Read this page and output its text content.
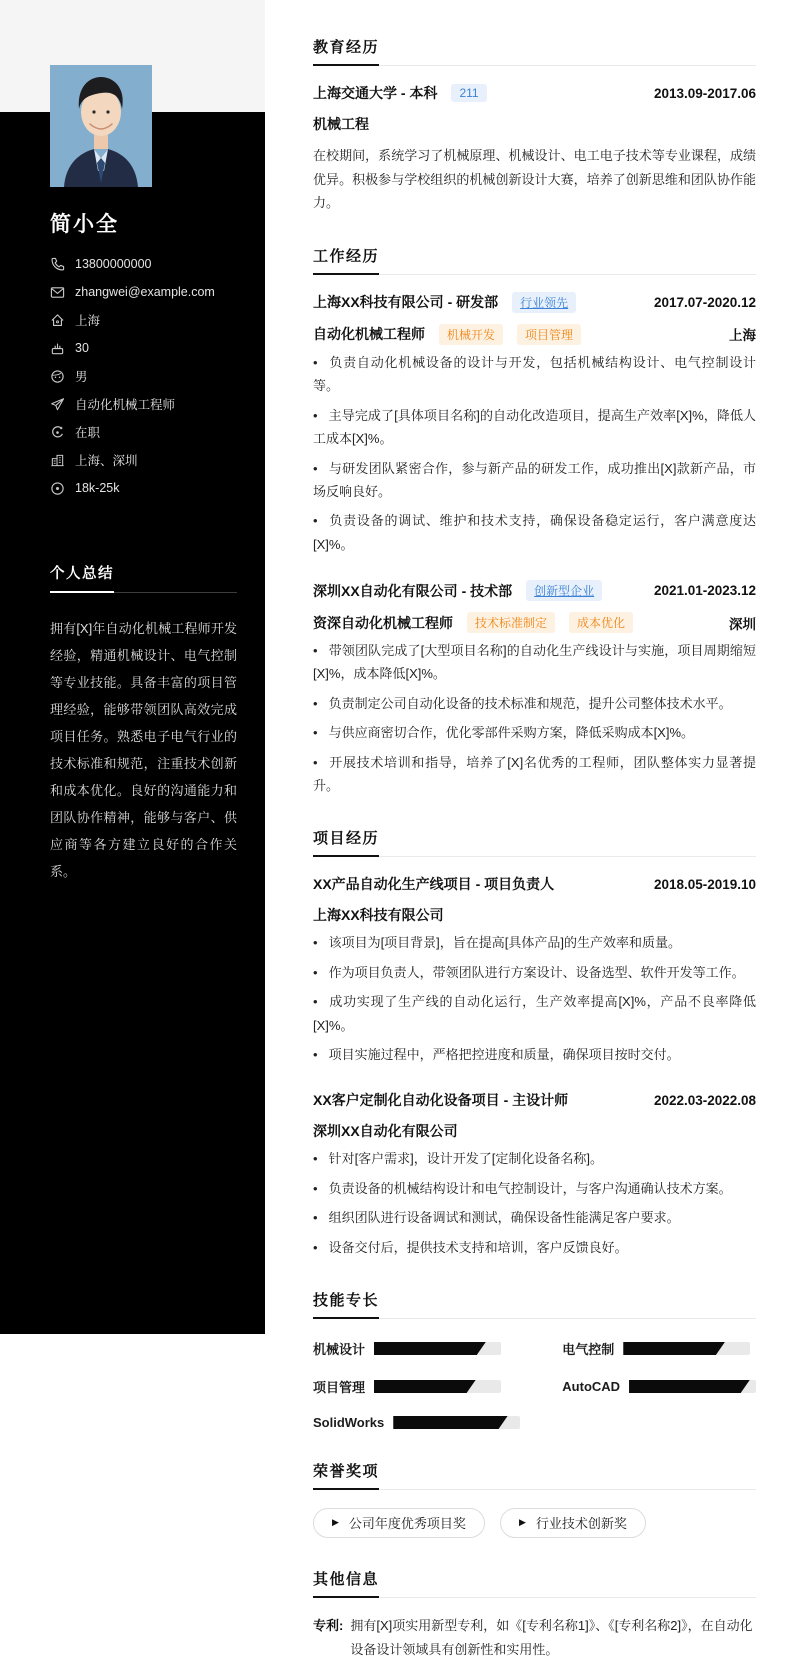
简小全
13800000000
zhangwei@example.com
上海
30
男
自动化机械工程师
在职
上海、深圳
18k-25k
个人总结
拥有[X]年自动化机械工程师开发经验，精通机械设计、电气控制等专业技能。具备丰富的项目管理经验，能够带领团队高效完成项目任务。熟悉电子电气行业的技术标准和规范，注重技术创新和成本优化。良好的沟通能力和团队协作精神，能够与客户、供应商等各方建立良好的合作关系。
教育经历
上海交通大学 - 本科	211	2013.09-2017.06
机械工程
在校期间，系统学习了机械原理、机械设计、电工电子技术等专业课程，成绩优异。积极参与学校组织的机械创新设计大赛，培养了创新思维和团队协作能力。
工作经历
上海XX科技有限公司 - 研发部	行业领先	2017.07-2020.12
自动化机械工程师	机械开发	项目管理	上海
• 负责自动化机械设备的设计与开发，包括机械结构设计、电气控制设计等。
• 主导完成了[具体项目名称]的自动化改造项目，提高生产效率[X]%，降低人工成本[X]%。
• 与研发团队紧密合作，参与新产品的研发工作，成功推出[X]款新产品，市场反响良好。
• 负责设备的调试、维护和技术支持，确保设备稳定运行，客户满意度达[X]%。
深圳XX自动化有限公司 - 技术部	创新型企业	2021.01-2023.12
资深自动化机械工程师	技术标准制定	成本优化	深圳
• 带领团队完成了[大型项目名称]的自动化生产线设计与实施，项目周期缩短[X]%，成本降低[X]%。
• 负责制定公司自动化设备的技术标准和规范，提升公司整体技术水平。
• 与供应商密切合作，优化零部件采购方案，降低采购成本[X]%。
• 开展技术培训和指导，培养了[X]名优秀的工程师，团队整体实力显著提升。
项目经历
XX产品自动化生产线项目 - 项目负责人	2018.05-2019.10
上海XX科技有限公司
• 该项目为[项目背景]，旨在提高[具体产品]的生产效率和质量。
• 作为项目负责人，带领团队进行方案设计、设备选型、软件开发等工作。
• 成功实现了生产线的自动化运行，生产效率提高[X]%，产品不良率降低[X]%。
• 项目实施过程中，严格把控进度和质量，确保项目按时交付。
XX客户定制化自动化设备项目 - 主设计师	2022.03-2022.08
深圳XX自动化有限公司
• 针对[客户需求]，设计开发了[定制化设备名称]。
• 负责设备的机械结构设计和电气控制设计，与客户沟通确认技术方案。
• 组织团队进行设备调试和测试，确保设备性能满足客户要求。
• 设备交付后，提供技术支持和培训，客户反馈良好。
技能专长
机械设计	电气控制
项目管理	AutoCAD
SolidWorks
荣誉奖项
▶ 公司年度优秀项目奖	▶ 行业技术创新奖
其他信息
专利: 拥有[X]项实用新型专利，如《[专利名称1]》、《[专利名称2]》，在自动化设备设计领域具有创新性和实用性。
